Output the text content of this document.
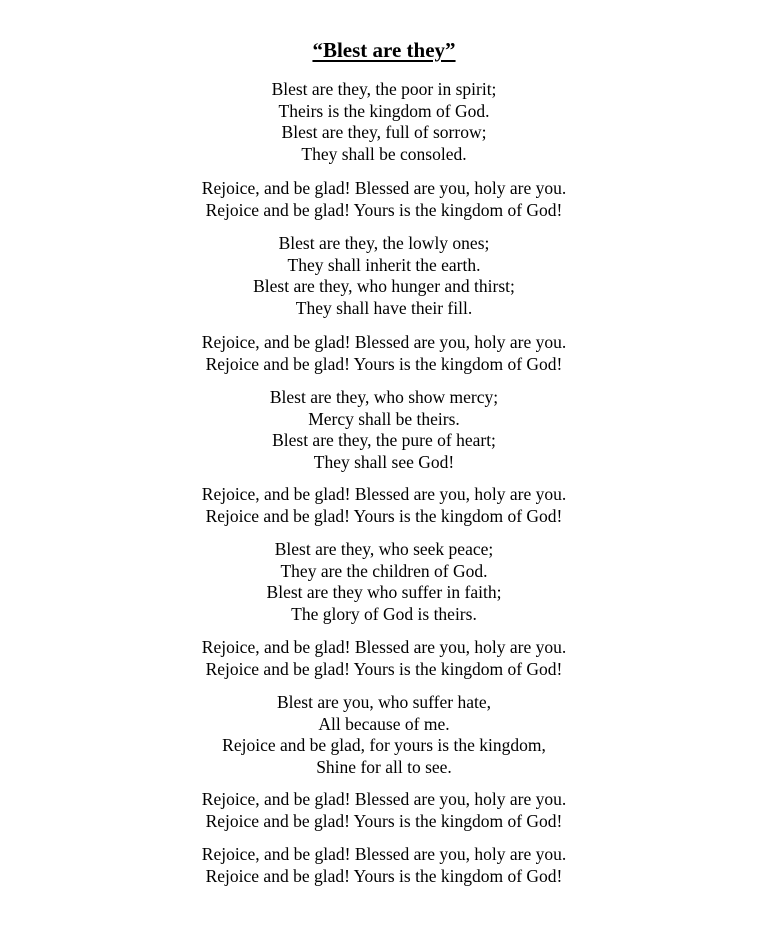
“Blest are they”
Blest are they, the poor in spirit;
Theirs is the kingdom of God.
Blest are they, full of sorrow;
They shall be consoled.
Rejoice, and be glad! Blessed are you, holy are you.
Rejoice and be glad! Yours is the kingdom of God!
Blest are they, the lowly ones;
They shall inherit the earth.
Blest are they, who hunger and thirst;
They shall have their fill.
Rejoice, and be glad! Blessed are you, holy are you.
Rejoice and be glad! Yours is the kingdom of God!
Blest are they, who show mercy;
Mercy shall be theirs.
Blest are they, the pure of heart;
They shall see God!
Rejoice, and be glad! Blessed are you, holy are you.
Rejoice and be glad! Yours is the kingdom of God!
Blest are they, who seek peace;
They are the children of God.
Blest are they who suffer in faith;
The glory of God is theirs.
Rejoice, and be glad! Blessed are you, holy are you.
Rejoice and be glad! Yours is the kingdom of God!
Blest are you, who suffer hate,
All because of me.
Rejoice and be glad, for yours is the kingdom,
Shine for all to see.
Rejoice, and be glad! Blessed are you, holy are you.
Rejoice and be glad! Yours is the kingdom of God!
Rejoice, and be glad! Blessed are you, holy are you.
Rejoice and be glad! Yours is the kingdom of God!
